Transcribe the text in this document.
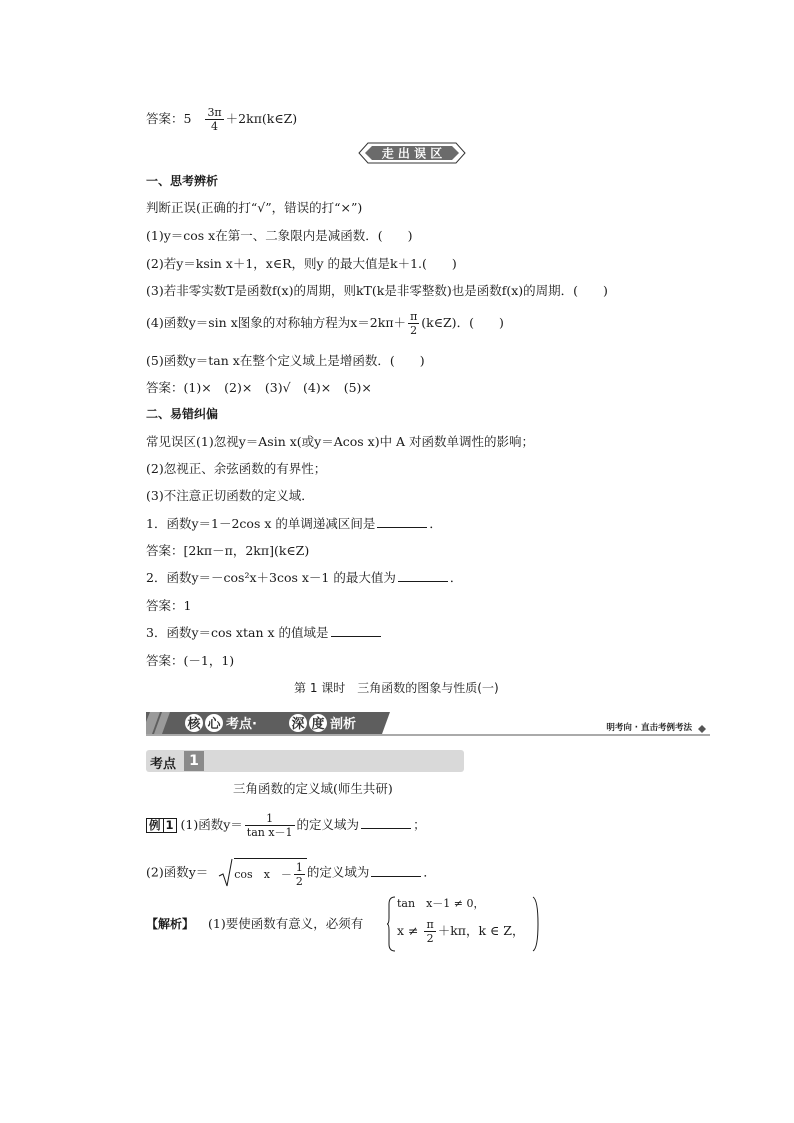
答案：$5 \frac{3\pi}{4}$ ＋2kπ(k∈Z)
走 出 误 区
一、思考辨析
判断正误(正确的打“√”，错误的打“×”)
(1)y＝cos x在第一、二象限内是减函数．(　　)
(2)若y＝ksin x＋1，x∈R，则y 的最大值是k＋1.(　　)
(3)若非零实数T是函数f(x)的周期，则kT(k是非零整数)也是函数f(x)的周期．(　　)
(4)函数y＝sin x图象的对称轴方程为$x=2k\pi+ \frac{\pi}{2}$ (k∈Z)．(　　)
(5)函数y＝tan x在整个定义域上是增函数．(　　)
答案：(1)×　(2)×　(3)√　(4)×　(5)×
二、易错纠偏
常见误区(1)忽视y＝Asin x(或y＝Acos x)中 A 对函数单调性的影响；
(2)忽视正、余弦函数的有界性；
(3)不注意正切函数的定义域．
1．函数y＝1－2cos x 的单调递减区间是	．
答案：[2kπ－π，2kπ](k∈Z)
2．函数y＝－cos²x＋3cos x－1 的最大值为	．
答案：1
3．函数y＝cos xtan x 的值域是
答案：(－1，1)
第 1 课时　三角函数的图象与性质(一)
核 心 考点·	深 度 剖析	明考向 · 直击考例考法
考点 1
三角函数的定义域(师生共研)
例 1 (1)函数$y= \frac{1}{\text{tan x－1}}$ 的定义域为	；
(2)函数y＝ cos　x　－ $\frac{1}{2}$ 的定义域为	．
【解析】 (1)要使函数有意义，必须有
tan　x－1 ≠ 0，
$x \ne \frac{\pi}{2} +k\pi$，k ∈ Z，
